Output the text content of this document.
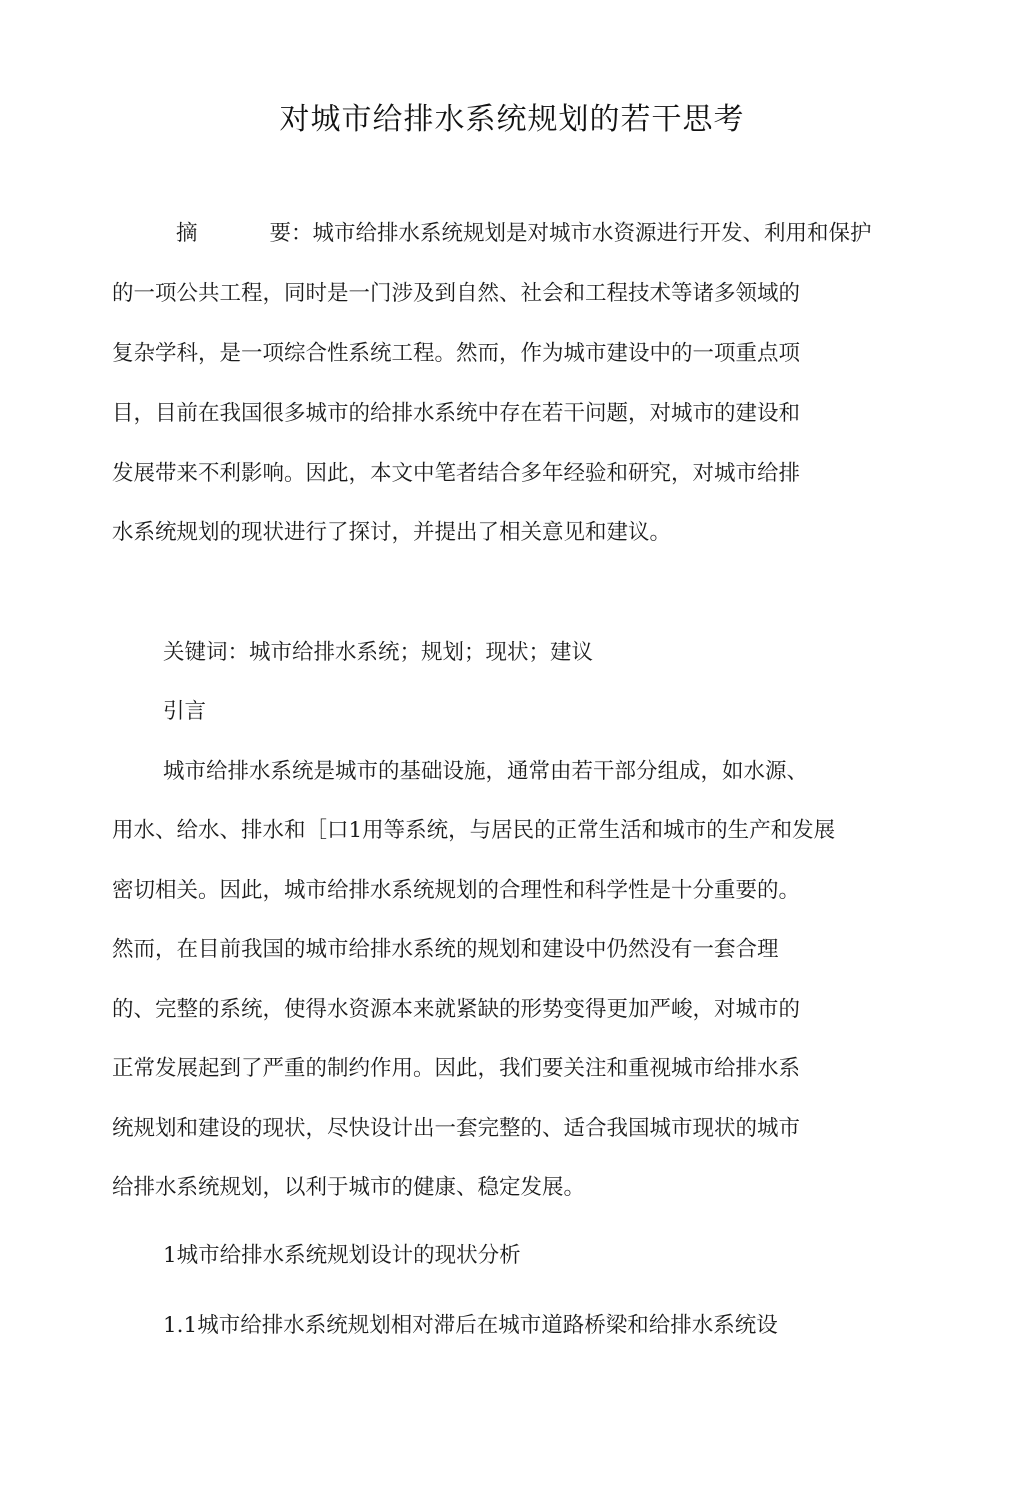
对城市给排水系统规划的若干思考
摘	要：城市给排水系统规划是对城市水资源进行开发、利用和保护
的一项公共工程，同时是一门涉及到自然、社会和工程技术等诸多领域的
复杂学科，是一项综合性系统工程。然而，作为城市建设中的一项重点项
目，目前在我国很多城市的给排水系统中存在若干问题，对城市的建设和
发展带来不利影响。因此，本文中笔者结合多年经验和研究，对城市给排
水系统规划的现状进行了探讨，并提出了相关意见和建议。
关键词：城市给排水系统；规划；现状；建议
引言
城市给排水系统是城市的基础设施，通常由若干部分组成，如水源、
用水、给水、排水和［口1用等系统，与居民的正常生活和城市的生产和发展
密切相关。因此，城市给排水系统规划的合理性和科学性是十分重要的。
然而，在目前我国的城市给排水系统的规划和建设中仍然没有一套合理
的、完整的系统，使得水资源本来就紧缺的形势变得更加严峻，对城市的
正常发展起到了严重的制约作用。因此，我们要关注和重视城市给排水系
统规划和建设的现状，尽快设计出一套完整的、适合我国城市现状的城市
给排水系统规划，以利于城市的健康、稳定发展。
1城市给排水系统规划设计的现状分析
1.1城市给排水系统规划相对滞后在城市道路桥梁和给排水系统设
